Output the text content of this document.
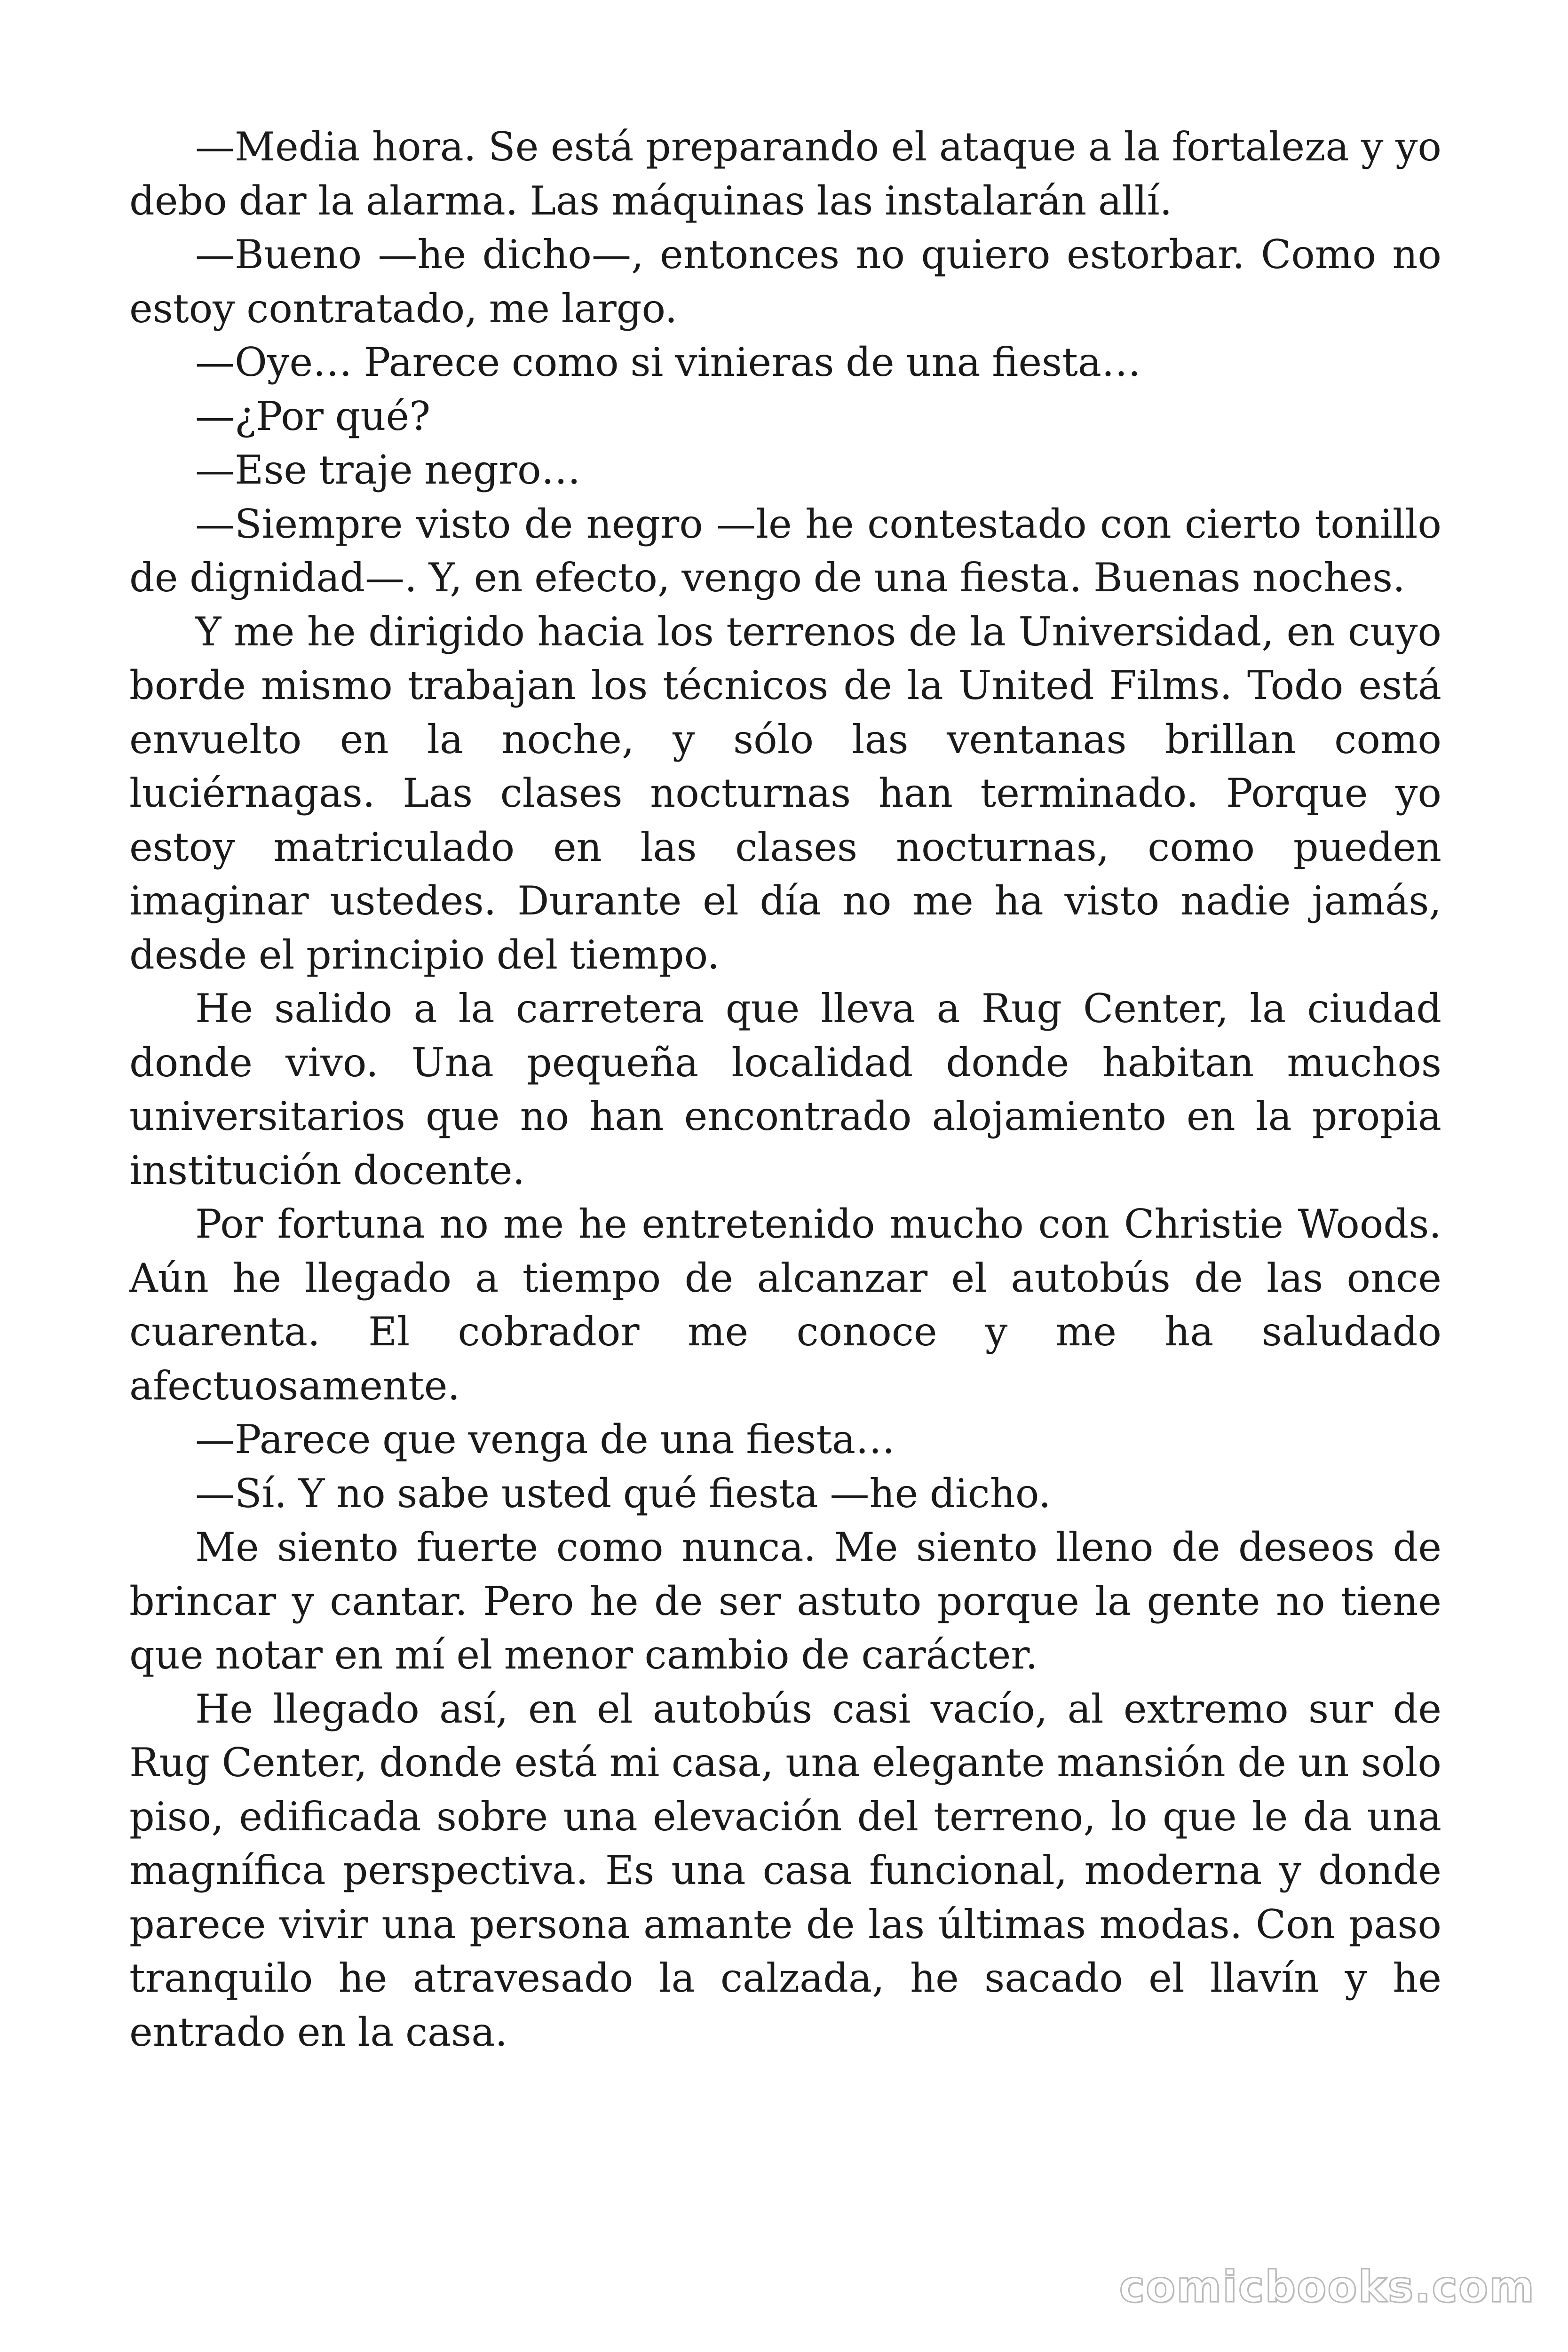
—Media hora. Se está preparando el ataque a la fortaleza y yo debo dar la alarma. Las máquinas las instalarán allí.

—Bueno —he dicho—, entonces no quiero estorbar. Como no estoy contratado, me largo.

—Oye… Parece como si vinieras de una fiesta…

—¿Por qué?

—Ese traje negro…

—Siempre visto de negro —le he contestado con cierto tonillo de dignidad—. Y, en efecto, vengo de una fiesta. Buenas noches.

Y me he dirigido hacia los terrenos de la Universidad, en cuyo borde mismo trabajan los técnicos de la United Films. Todo está envuelto en la noche, y sólo las ventanas brillan como luciérnagas. Las clases nocturnas han terminado. Porque yo estoy matriculado en las clases nocturnas, como pueden imaginar ustedes. Durante el día no me ha visto nadie jamás, desde el principio del tiempo.

He salido a la carretera que lleva a Rug Center, la ciudad donde vivo. Una pequeña localidad donde habitan muchos universitarios que no han encontrado alojamiento en la propia institución docente.

Por fortuna no me he entretenido mucho con Christie Woods. Aún he llegado a tiempo de alcanzar el autobús de las once cuarenta. El cobrador me conoce y me ha saludado afectuosamente.

—Parece que venga de una fiesta…

—Sí. Y no sabe usted qué fiesta —he dicho.

Me siento fuerte como nunca. Me siento lleno de deseos de brincar y cantar. Pero he de ser astuto porque la gente no tiene que notar en mí el menor cambio de carácter.

He llegado así, en el autobús casi vacío, al extremo sur de Rug Center, donde está mi casa, una elegante mansión de un solo piso, edificada sobre una elevación del terreno, lo que le da una magnífica perspectiva. Es una casa funcional, moderna y donde parece vivir una persona amante de las últimas modas. Con paso tranquilo he atravesado la calzada, he sacado el llavín y he entrado en la casa.

comicbooks.com
